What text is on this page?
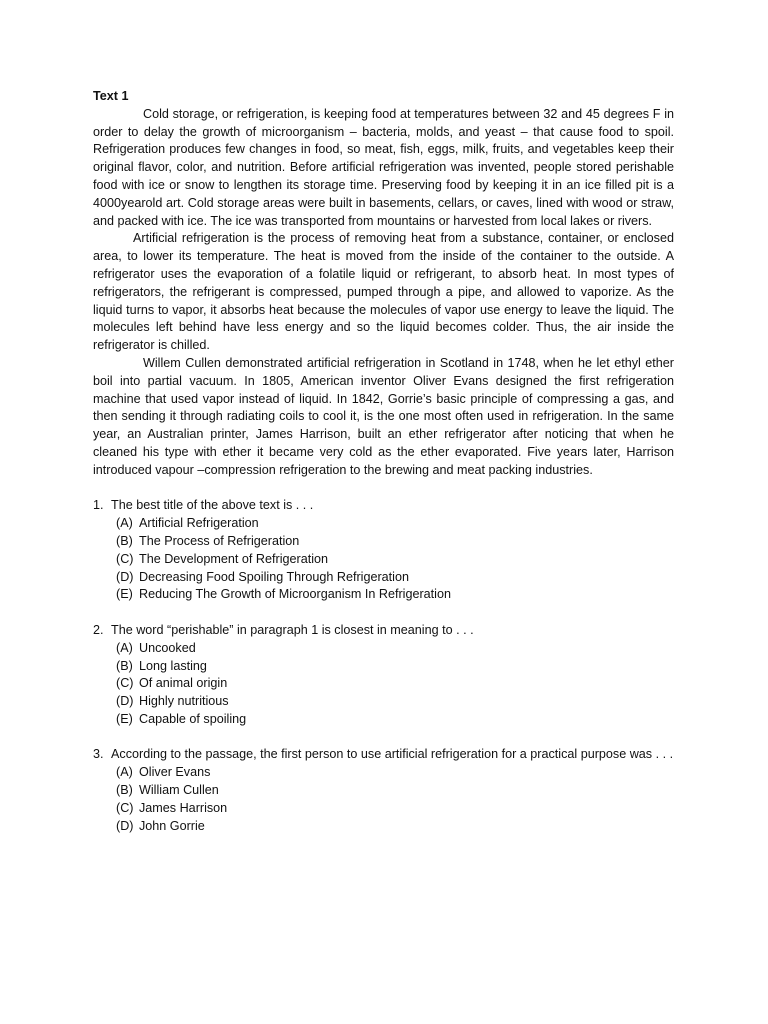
Text 1

Cold storage, or refrigeration, is keeping food at temperatures between 32 and 45 degrees F in order to delay the growth of microorganism – bacteria, molds, and yeast – that cause food to spoil. Refrigeration produces few changes in food, so meat, fish, eggs, milk, fruits, and vegetables keep their original flavor, color, and nutrition. Before artificial refrigeration was invented, people stored perishable food with ice or snow to lengthen its storage time. Preserving food by keeping it in an ice filled pit is a 4000yearold art. Cold storage areas were built in basements, cellars, or caves, lined with wood or straw, and packed with ice. The ice was transported from mountains or harvested from local lakes or rivers.

Artificial refrigeration is the process of removing heat from a substance, container, or enclosed area, to lower its temperature. The heat is moved from the inside of the container to the outside. A refrigerator uses the evaporation of a folatile liquid or refrigerant, to absorb heat. In most types of refrigerators, the refrigerant is compressed, pumped through a pipe, and allowed to vaporize. As the liquid turns to vapor, it absorbs heat because the molecules of vapor use energy to leave the liquid. The molecules left behind have less energy and so the liquid becomes colder. Thus, the air inside the refrigerator is chilled.

Willem Cullen demonstrated artificial refrigeration in Scotland in 1748, when he let ethyl ether boil into partial vacuum. In 1805, American inventor Oliver Evans designed the first refrigeration machine that used vapor instead of liquid. In 1842, Gorrie’s basic principle of compressing a gas, and then sending it through radiating coils to cool it, is the one most often used in refrigeration. In the same year, an Australian printer, James Harrison, built an ether refrigerator after noticing that when he cleaned his type with ether it became very cold as the ether evaporated. Five years later, Harrison introduced vapour –compression refrigeration to the brewing and meat packing industries.

1. The best title of the above text is . . .
(A) Artificial Refrigeration
(B) The Process of Refrigeration
(C) The Development of Refrigeration
(D) Decreasing Food Spoiling Through Refrigeration
(E) Reducing The Growth of Microorganism In Refrigeration
2. The word “perishable” in paragraph 1 is closest in meaning to . . .
(A) Uncooked
(B) Long lasting
(C) Of animal origin
(D) Highly nutritious
(E) Capable of spoiling
3. According to the passage, the first person to use artificial refrigeration for a practical purpose was . . .
(A) Oliver Evans
(B) William Cullen
(C) James Harrison
(D) John Gorrie
